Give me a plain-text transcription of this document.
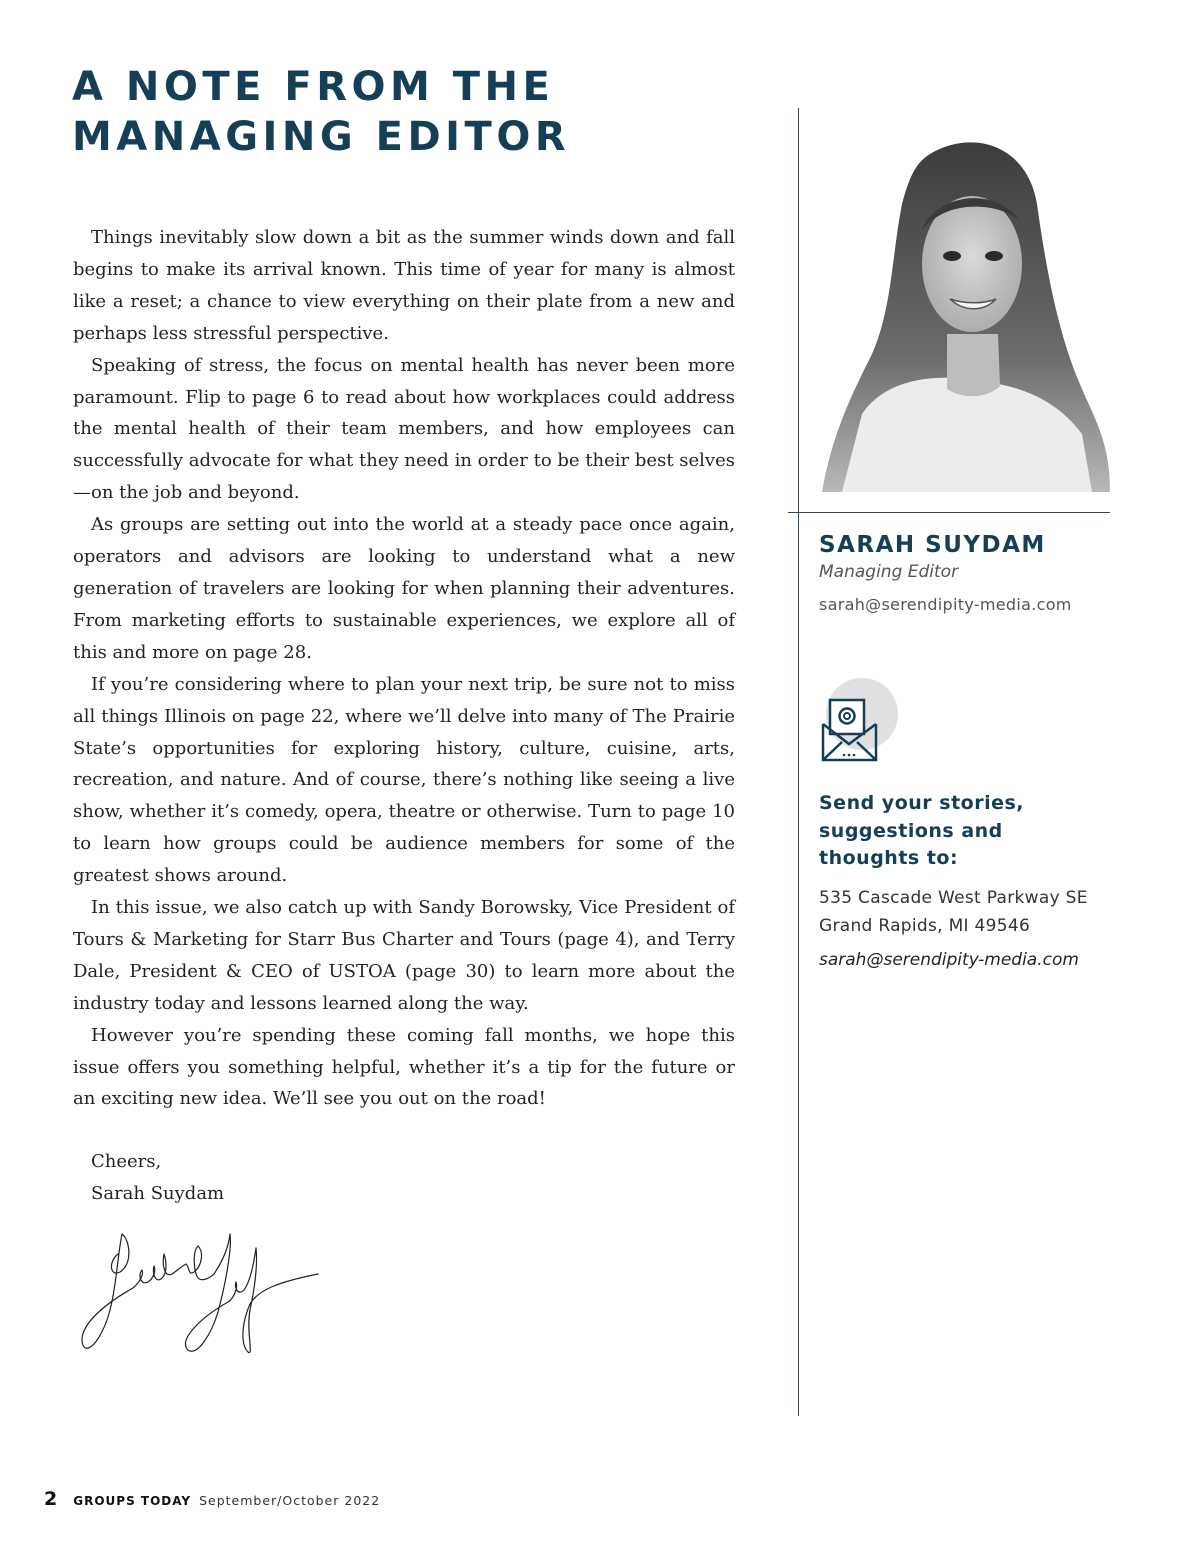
A NOTE FROM THE
MANAGING EDITOR

Things inevitably slow down a bit as the summer winds down and fall begins to make its arrival known. This time of year for many is almost like a reset; a chance to view everything on their plate from a new and perhaps less stressful perspective.

Speaking of stress, the focus on mental health has never been more paramount. Flip to page 6 to read about how workplaces could address the mental health of their team members, and how employees can successfully advocate for what they need in order to be their best selves—on the job and beyond.

As groups are setting out into the world at a steady pace once again, operators and advisors are looking to understand what a new generation of travelers are looking for when planning their adventures. From marketing efforts to sustainable experiences, we explore all of this and more on page 28.

If you’re considering where to plan your next trip, be sure not to miss all things Illinois on page 22, where we’ll delve into many of The Prairie State’s opportunities for exploring history, culture, cuisine, arts, recreation, and nature. And of course, there’s nothing like seeing a live show, whether it’s comedy, opera, theatre or otherwise. Turn to page 10 to learn how groups could be audience members for some of the greatest shows around.

In this issue, we also catch up with Sandy Borowsky, Vice President of Tours & Marketing for Starr Bus Charter and Tours (page 4), and Terry Dale, President & CEO of USTOA (page 30) to learn more about the industry today and lessons learned along the way.

However you’re spending these coming fall months, we hope this issue offers you something helpful, whether it’s a tip for the future or an exciting new idea. We’ll see you out on the road!

Cheers,
Sarah Suydam
SARAH SUYDAM
Managing Editor
sarah@serendipity-media.com
Send your stories, suggestions and thoughts to:
535 Cascade West Parkway SE
Grand Rapids, MI 49546
sarah@serendipity-media.com
2 GROUPS TODAY September/October 2022
